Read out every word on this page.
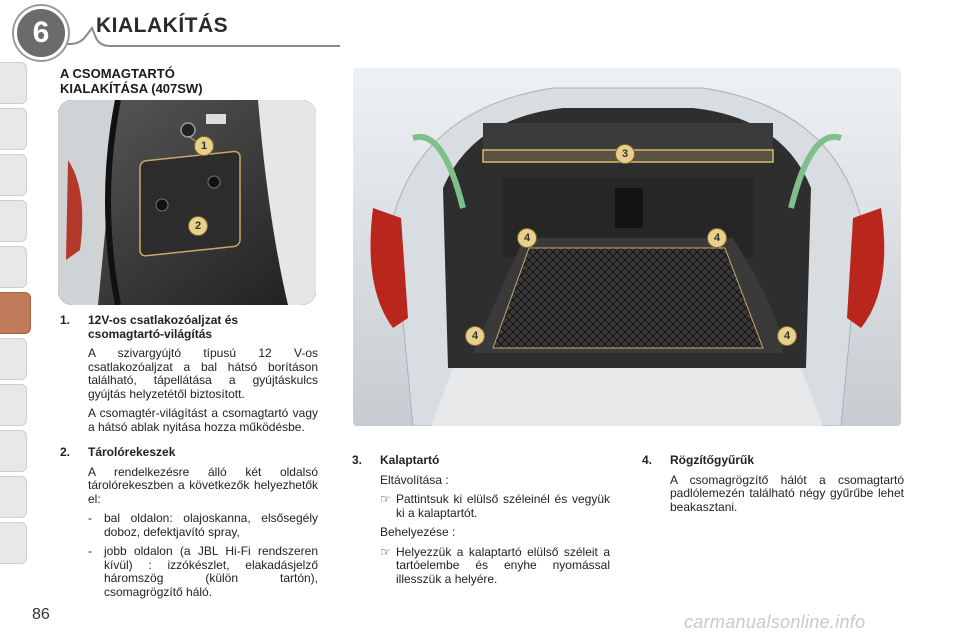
6	KIALAKÍTÁS
A CSOMAGTARTÓ
KIALAKÍTÁSA (407SW)
1
2
3
4	4
4	4
1.	12V-os csatlakozóaljzat és
csomagtartó-világítás
A szivargyújtó típusú 12 V-os csatlakozóaljzat a bal hátsó borításon található, tápellátása a gyújtáskulcs gyújtás helyzetétől biztosított.
A csomagtér-világítást a csomagtartó vagy a hátsó ablak nyitása hozza működésbe.
2.	Tárolórekeszek
A rendelkezésre álló két oldalsó tárolórekeszben a következők helyezhetők el:
-	bal oldalon: olajoskanna, elsősegély doboz, defektjavító spray,
-	jobb oldalon (a JBL Hi-Fi rendszeren kívül) : izzókészlet, elakadásjelző háromszög (külön tartón), csomagrögzítő háló.
3.	Kalaptartó
Eltávolítása :
☞ Pattintsuk ki elülső széleinél és vegyük ki a kalaptartót.
Behelyezése :
☞ Helyezzük a kalaptartó elülső széleit a tartóelembe és enyhe nyomással illesszük a helyére.
4.	Rögzítőgyűrűk
A csomagrögzítő hálót a csomagtartó padlólemezén található négy gyűrűbe lehet beakasztani.
86	carmanualsonline.info
